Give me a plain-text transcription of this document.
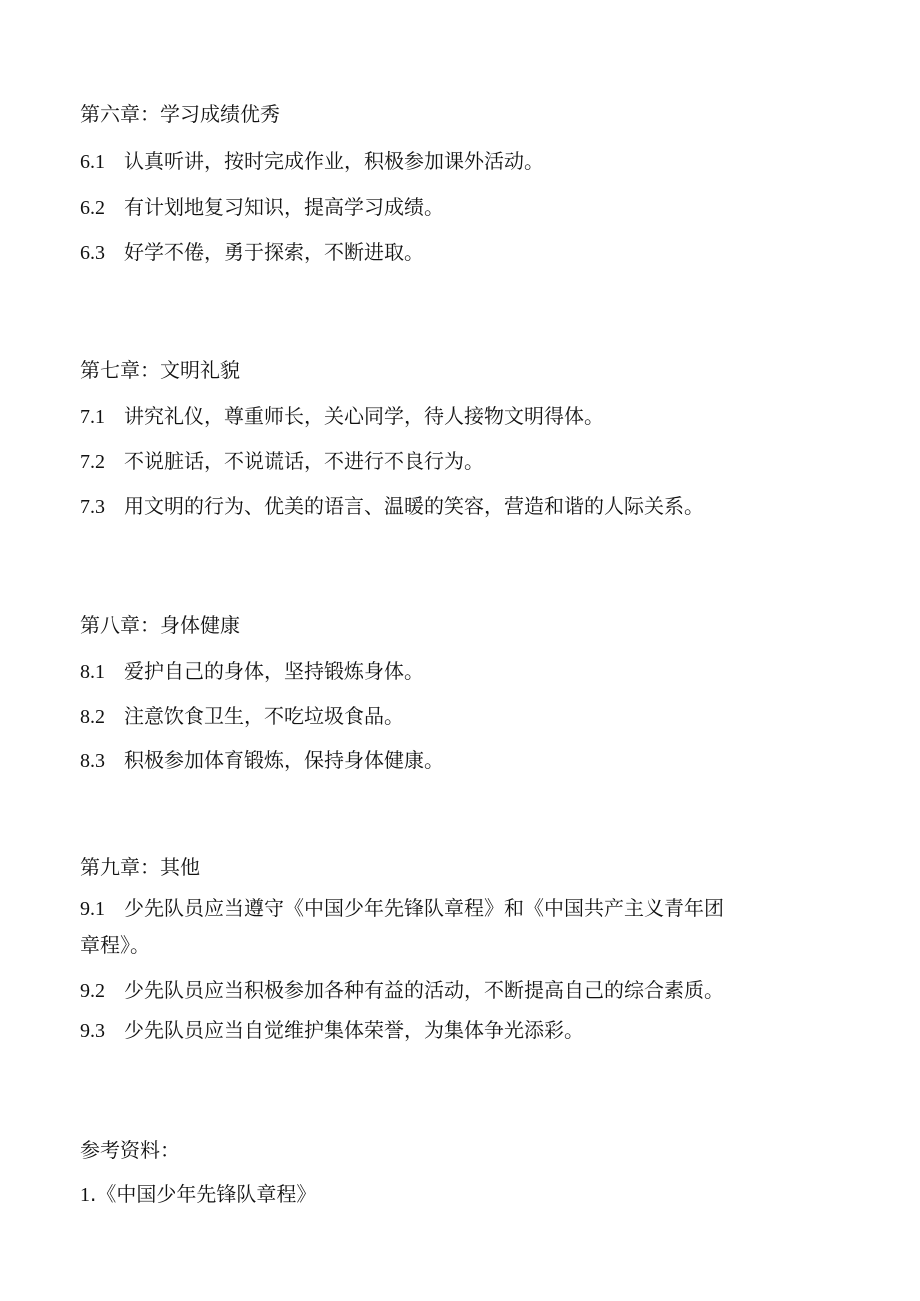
第六章：学习成绩优秀
6.1 认真听讲，按时完成作业，积极参加课外活动。
6.2 有计划地复习知识，提高学习成绩。
6.3 好学不倦，勇于探索，不断进取。
第七章：文明礼貌
7.1 讲究礼仪，尊重师长，关心同学，待人接物文明得体。
7.2 不说脏话，不说谎话，不进行不良行为。
7.3 用文明的行为、优美的语言、温暖的笑容，营造和谐的人际关系。
第八章：身体健康
8.1 爱护自己的身体，坚持锻炼身体。
8.2 注意饮食卫生，不吃垃圾食品。
8.3 积极参加体育锻炼，保持身体健康。
第九章：其他
9.1 少先队员应当遵守《中国少年先锋队章程》和《中国共产主义青年团
章程》。
9.2 少先队员应当积极参加各种有益的活动，不断提高自己的综合素质。
9.3 少先队员应当自觉维护集体荣誉，为集体争光添彩。
参考资料：
1.《中国少年先锋队章程》
